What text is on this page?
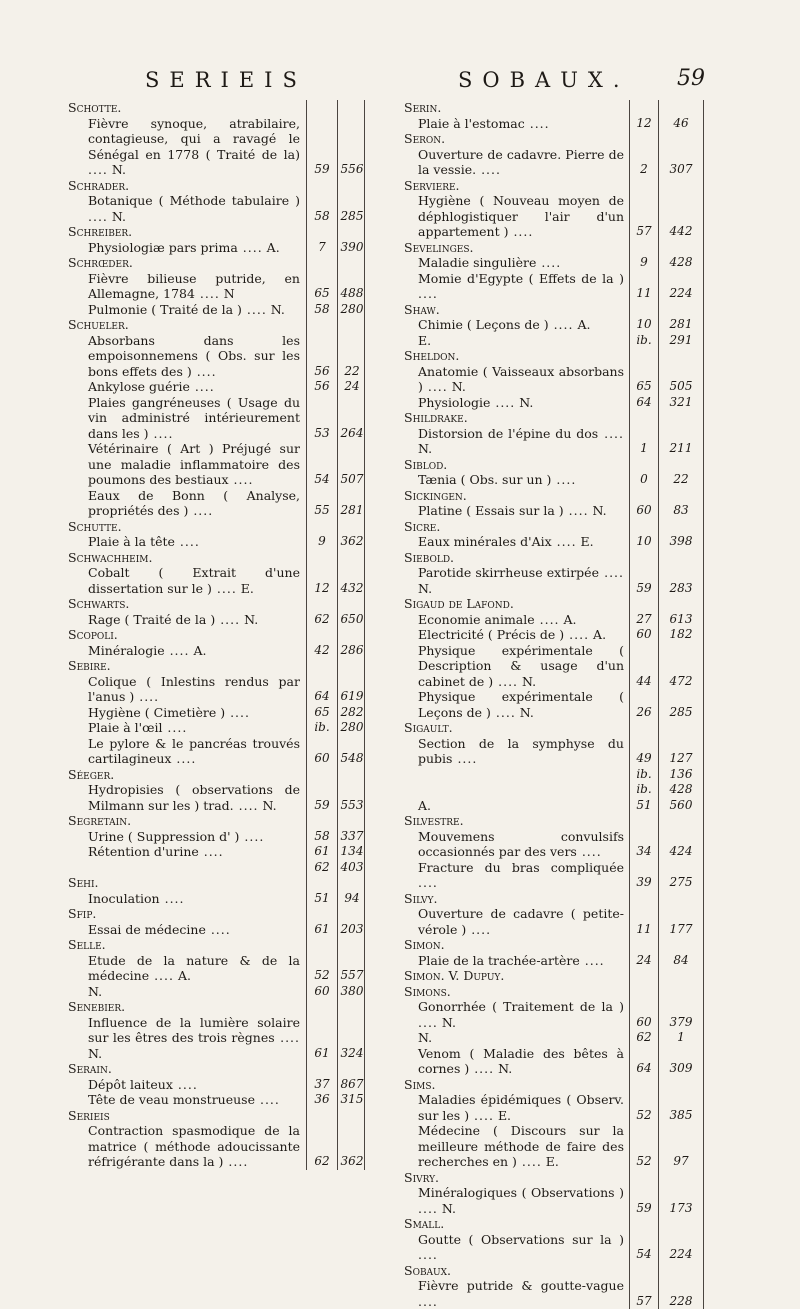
SERIEIS	SOBAUX. 59
Schotte.
Fièvre synoque, atrabilaire, contagieuse, qui a ravagé le Sénégal en 1778 ( Traité de la) .... N.	59 556
Schrader.
Botanique ( Méthode tabulaire ) .... N.	58 285
Schreiber.
Physiologiæ pars prima .... A.	7	390
Schrœder.
Fièvre bilieuse putride, en Allemagne, 1784 .... N	65 488
Pulmonie ( Traité de la ) .... N.	58 280
Schueler.
Absorbans dans les empoisonnemens ( Obs. sur les bons effets des ) ....	56	22
Ankylose guérie ....	56	24
Plaies gangréneuses ( Usage du vin administré intérieurement dans les ) ....	53 264
Vétérinaire ( Art ) Préjugé sur une maladie inflammatoire des poumons des bestiaux ....	54 507
Eaux de Bonn ( Analyse, propriétés des ) ....	55 281
Schutte.
Plaie à la tête ....	9	362
Schwachheim.
Cobalt ( Extrait d'une dissertation sur le ) .... E.	12 432
Schwarts.
Rage ( Traité de la ) .... N.	62 650
Scopoli.
Minéralogie .... A.	42 286
Sebire.
Colique ( Inlestins rendus par l'anus ) ....	64 619
Hygiène ( Cimetière ) ....	65 282
Plaie à l'œil ....	ib. 280
Le pylore & le pancréas trouvés cartilagineux ....	60 548
Séeger.
Hydropisies ( observations de Milmann sur les ) trad. .... N.	59 553
Segretain.
Urine ( Suppression d' ) ....	58 337
Rétention d'urine ....	61 134

62 403
Sehi.
Inoculation ....	51	94
Sfip.
Essai de médecine ....	61 203
Selle.
Etude de la nature & de la médecine .... A.	52 557
N.	60 380
Senebier.
Influence de la lumière solaire sur les êtres des trois règnes .... N.	61 324
Serain.
Dépôt laiteux ....	37 867
Tête de veau monstrueuse ....	36 315
Serieis
Contraction spasmodique de la matrice ( méthode adoucissante réfrigérante dans la ) ....	62 362
Serin.
Plaie à l'estomac ....	12	46
Seron.
Ouverture de cadavre. Pierre de la vessie. ....	2	307
Serviere.
Hygiène ( Nouveau moyen de déphlogistiquer l'air d'un appartement ) ....	57	442
Sevelinges.
Maladie singulière ....	9	428
Momie d'Egypte ( Effets de la ) ....	11	224
Shaw.
Chimie ( Leçons de ) .... A.	10	281
E.	ib.	291
Sheldon.
Anatomie ( Vaisseaux absorbans ) .... N.	65	505
Physiologie .... N.	64	321
Shildrake.
Distorsion de l'épine du dos .... N.	1	211
Siblod.
Tænia ( Obs. sur un ) ....	0	22
Sickingen.
Platine ( Essais sur la ) .... N.	60	83
Sicre.
Eaux minérales d'Aix .... E.	10	398
Siebold.
Parotide skirrheuse extirpée .... N.	59	283
Sigaud de Lafond.
Economie animale .... A.	27	613
Electricité ( Précis de ) .... A.	60	182
Physique expérimentale ( Description & usage d'un cabinet de ) .... N.	44	472
Physique expérimentale ( Leçons de ) .... N.	26	285
Sigault.
Section de la symphyse du pubis ....	49	127

ib.	136

ib.	428
A.	51	560
Silvestre.
Mouvemens convulsifs occasionnés par des vers ....	34	424
Fracture du bras compliquée ....	39	275
Silvy.
Ouverture de cadavre ( petite-vérole ) ....	11	177
Simon.
Plaie de la trachée-artère ....	24	84
Simon. V. Dupuy.
Simons.
Gonorrhée ( Traitement de la ) .... N.	60	379
N.	62	1
Venom ( Maladie des bêtes à cornes ) .... N.	64	309
Sims.
Maladies épidémiques ( Observ. sur les ) .... E.	52	385
Médecine ( Discours sur la meilleure méthode de faire des recherches en ) .... E.	52	97
Sivry.
Minéralogiques ( Observations ) .... N.	59	173
Small.
Goutte ( Observations sur la ) ....	54	224
Sobaux.
Fièvre putride & goutte-vague ....	57	228
